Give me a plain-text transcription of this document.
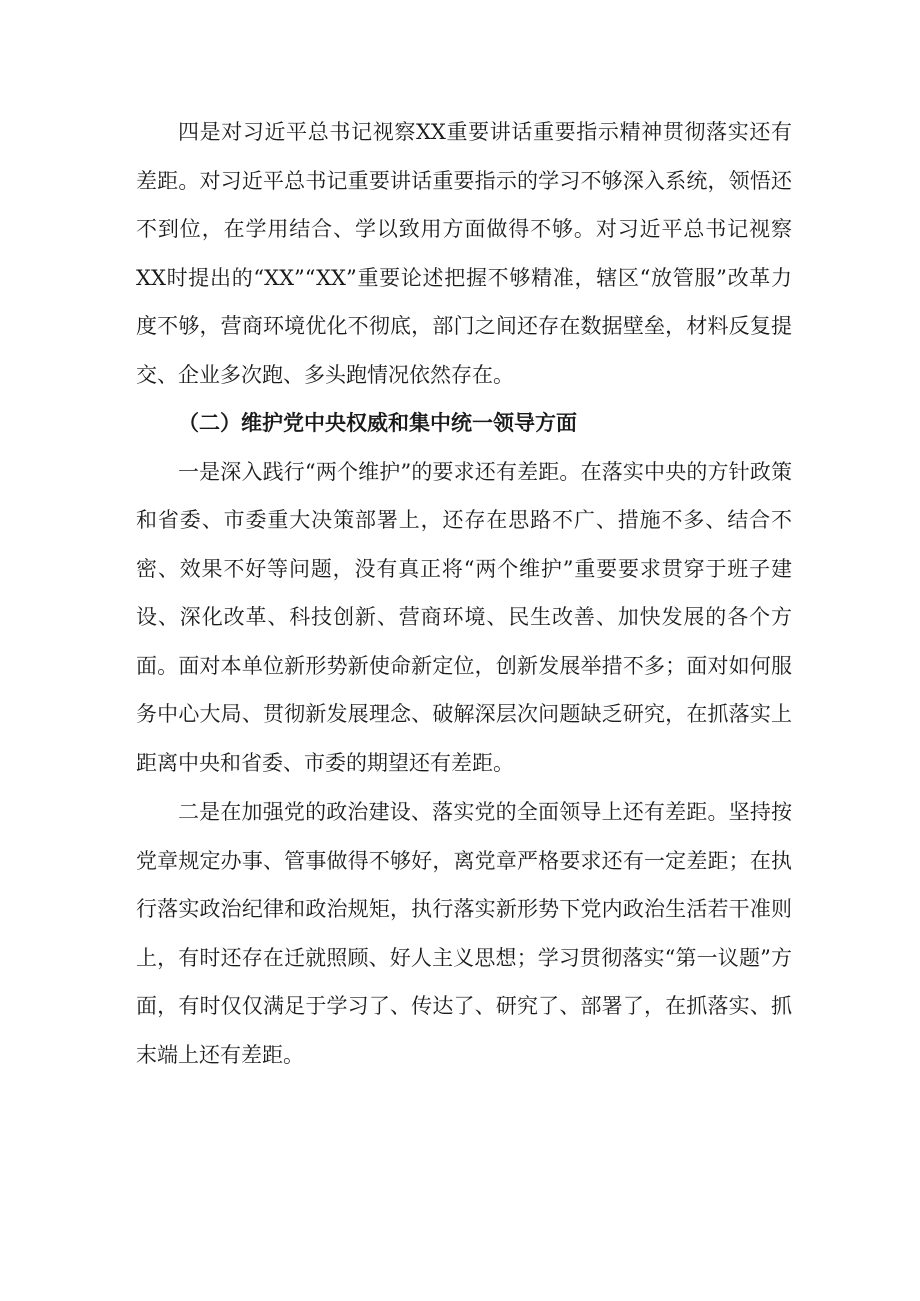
四是对习近平总书记视察XX重要讲话重要指示精神贯彻落实还有差距。对习近平总书记重要讲话重要指示的学习不够深入系统，领悟还不到位，在学用结合、学以致用方面做得不够。对习近平总书记视察XX时提出的“XX”“XX”重要论述把握不够精准，辖区“放管服”改革力度不够，营商环境优化不彻底，部门之间还存在数据壁垒，材料反复提交、企业多次跑、多头跑情况依然存在。

（二）维护党中央权威和集中统一领导方面

一是深入践行“两个维护”的要求还有差距。在落实中央的方针政策和省委、市委重大决策部署上，还存在思路不广、措施不多、结合不密、效果不好等问题，没有真正将“两个维护”重要要求贯穿于班子建设、深化改革、科技创新、营商环境、民生改善、加快发展的各个方面。面对本单位新形势新使命新定位，创新发展举措不多；面对如何服务中心大局、贯彻新发展理念、破解深层次问题缺乏研究，在抓落实上距离中央和省委、市委的期望还有差距。

二是在加强党的政治建设、落实党的全面领导上还有差距。坚持按党章规定办事、管事做得不够好，离党章严格要求还有一定差距；在执行落实政治纪律和政治规矩，执行落实新形势下党内政治生活若干准则上，有时还存在迁就照顾、好人主义思想；学习贯彻落实“第一议题”方面，有时仅仅满足于学习了、传达了、研究了、部署了，在抓落实、抓末端上还有差距。
